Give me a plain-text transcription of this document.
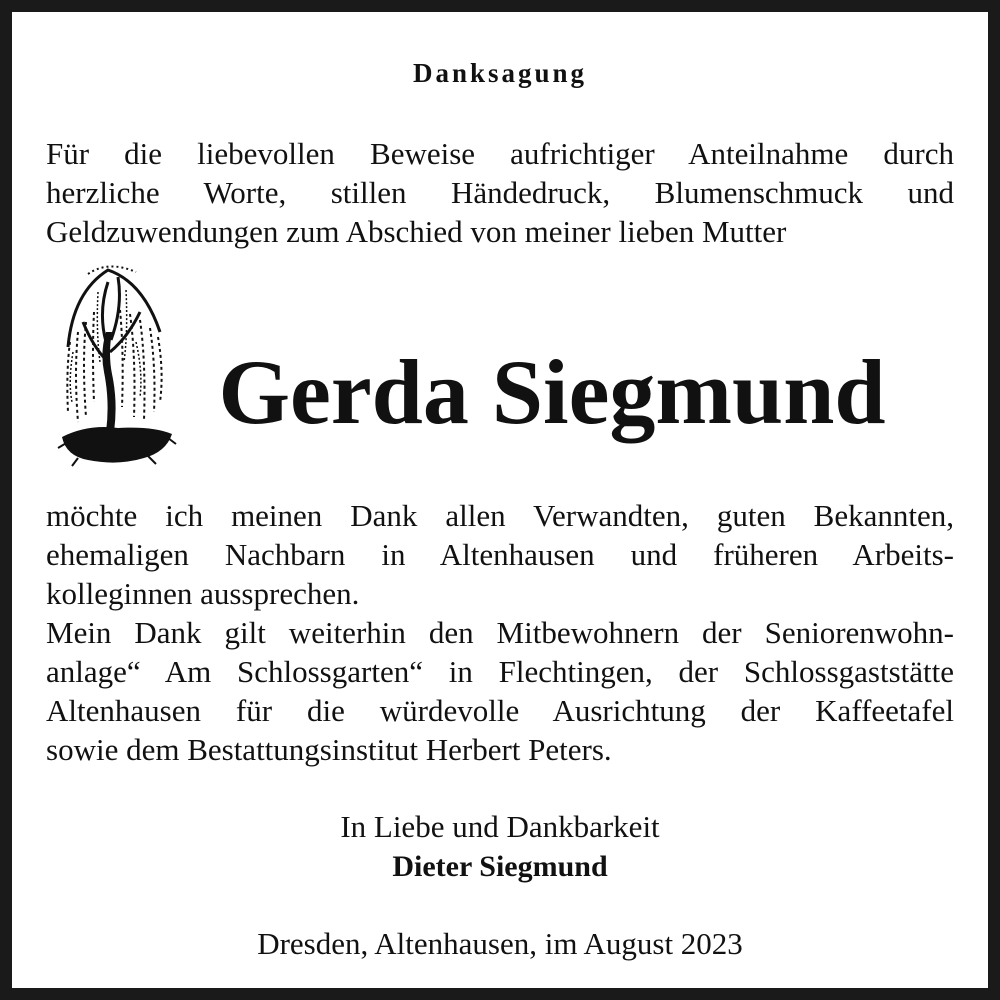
Danksagung
Für die liebevollen Beweise aufrichtiger Anteilnahme durch
herzliche Worte, stillen Händedruck, Blumenschmuck und
Geldzuwendungen zum Abschied von meiner lieben Mutter
Gerda Siegmund
möchte ich meinen Dank allen Verwandten, guten Bekannten,
ehemaligen Nachbarn in Altenhausen und früheren Arbeits-
kolleginnen aussprechen.
Mein Dank gilt weiterhin den Mitbewohnern der Seniorenwohn-
anlage“ Am Schlossgarten“ in Flechtingen, der Schlossgaststätte
Altenhausen für die würdevolle Ausrichtung der Kaffeetafel
sowie dem Bestattungsinstitut Herbert Peters.
In Liebe und Dankbarkeit
Dieter Siegmund
Dresden, Altenhausen, im August 2023
